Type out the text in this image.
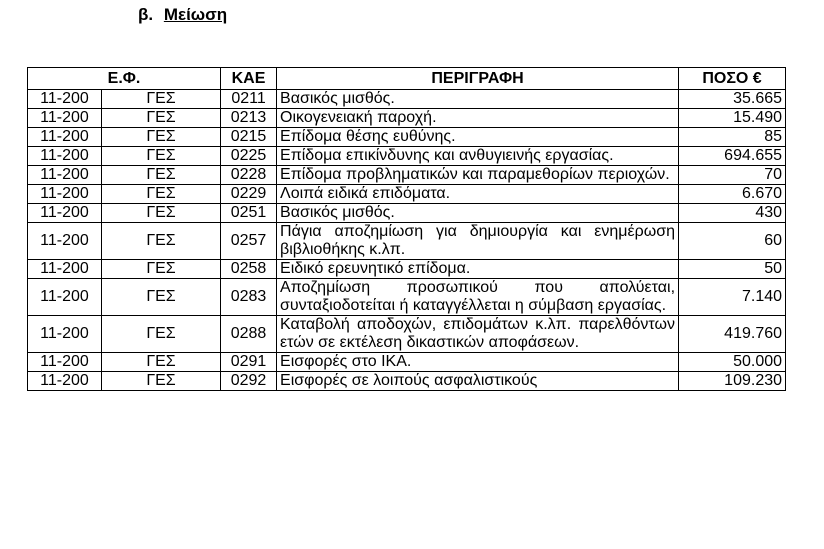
β. Μείωση
Ε.Φ.		ΚΑΕ	ΠΕΡΙΓΡΑΦΗ	ΠΟΣΟ €
11-200	ΓΕΣ	0211	Βασικός μισθός.	35.665
11-200	ΓΕΣ	0213	Οικογενειακή παροχή.	15.490
11-200	ΓΕΣ	0215	Επίδομα θέσης ευθύνης.	85
11-200	ΓΕΣ	0225	Επίδομα επικίνδυνης και ανθυγιεινής εργασίας.	694.655
11-200	ΓΕΣ	0228	Επίδομα προβληματικών και παραμεθορίων περιοχών.	70
11-200	ΓΕΣ	0229	Λοιπά ειδικά επιδόματα.	6.670
11-200	ΓΕΣ	0251	Βασικός μισθός.	430
11-200	ΓΕΣ	0257	Πάγια αποζημίωση για δημιουργία και ενημέρωση βιβλιοθήκης κ.λπ.	60
11-200	ΓΕΣ	0258	Ειδικό ερευνητικό επίδομα.	50
11-200	ΓΕΣ	0283	Αποζημίωση προσωπικού που απολύεται, συνταξιοδοτείται ή καταγγέλλεται η σύμβαση εργασίας.	7.140
11-200	ΓΕΣ	0288	Καταβολή αποδοχών, επιδομάτων κ.λπ. παρελθόντων ετών σε εκτέλεση δικαστικών αποφάσεων.	419.760
11-200	ΓΕΣ	0291	Εισφορές στο ΙΚΑ.	50.000
11-200	ΓΕΣ	0292	Εισφορές σε λοιπούς ασφαλιστικούς	109.230
